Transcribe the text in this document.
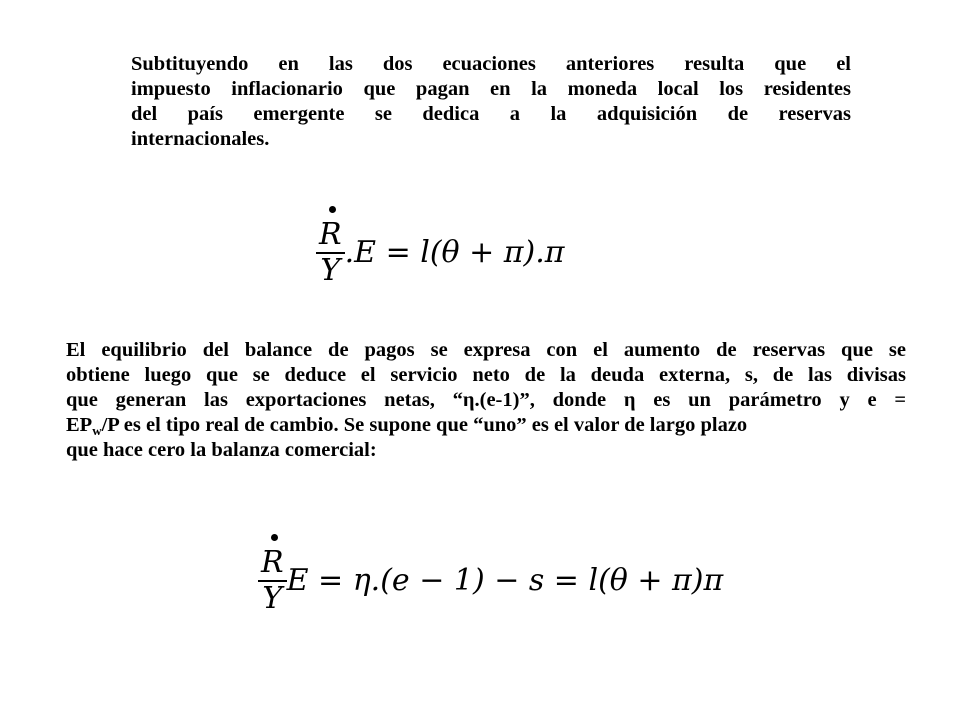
Subtituyendo en las dos ecuaciones anteriores resulta que el
impuesto inflacionario que pagan en la moneda local los residentes
del país emergente se dedica a la adquisición de reservas
internacionales.
$\frac{R}{Y} .E = l(\theta + \pi).\pi$
El equilibrio del balance de pagos se expresa con el aumento de reservas que se
obtiene luego que se deduce el servicio neto de la deuda externa, s, de las divisas
que generan las exportaciones netas, “η.(e-1)”, donde η es un parámetro y e =
$EP_w/P$ es el tipo real de cambio. Se supone que “uno” es el valor de largo plazo
que hace cero la balanza comercial:
$\frac{R}{Y}$ E = η.(e − 1) − s = l(θ + π)π
